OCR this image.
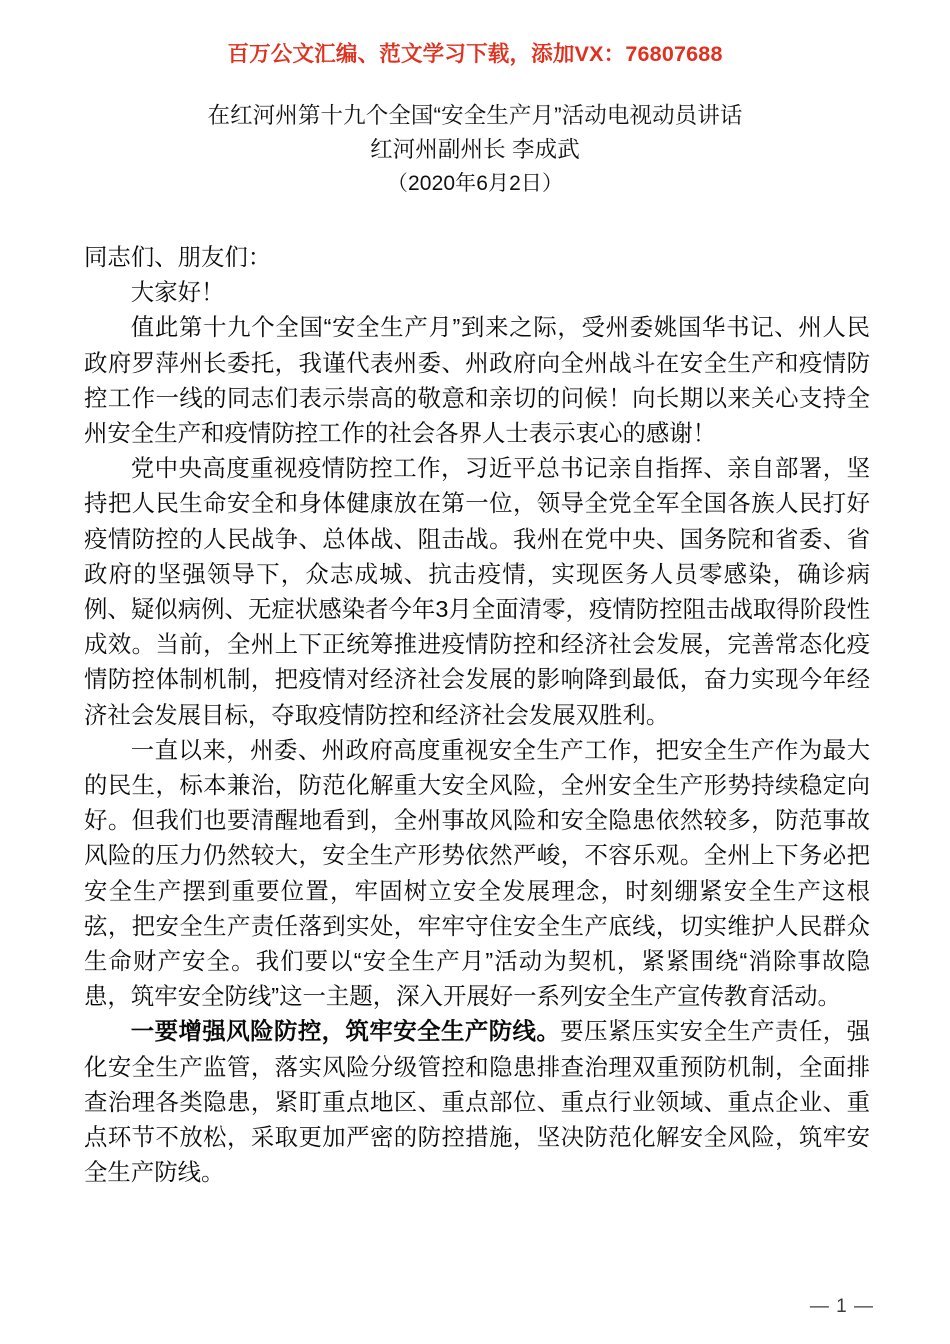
百万公文汇编、范文学习下载，添加VX：76807688
在红河州第十九个全国“安全生产月”活动电视动员讲话
红河州副州长 李成武
（2020年6月2日）

同志们、朋友们：

大家好！

值此第十九个全国“安全生产月”到来之际，受州委姚国华书记、州人民政府罗萍州长委托，我谨代表州委、州政府向全州战斗在安全生产和疫情防控工作一线的同志们表示崇高的敬意和亲切的问候！向长期以来关心支持全州安全生产和疫情防控工作的社会各界人士表示衷心的感谢！

党中央高度重视疫情防控工作，习近平总书记亲自指挥、亲自部署，坚持把人民生命安全和身体健康放在第一位，领导全党全军全国各族人民打好疫情防控的人民战争、总体战、阻击战。我州在党中央、国务院和省委、省政府的坚强领导下，众志成城、抗击疫情，实现医务人员零感染，确诊病例、疑似病例、无症状感染者今年3月全面清零，疫情防控阻击战取得阶段性成效。当前，全州上下正统筹推进疫情防控和经济社会发展，完善常态化疫情防控体制机制，把疫情对经济社会发展的影响降到最低，奋力实现今年经济社会发展目标，夺取疫情防控和经济社会发展双胜利。

一直以来，州委、州政府高度重视安全生产工作，把安全生产作为最大的民生，标本兼治，防范化解重大安全风险，全州安全生产形势持续稳定向好。但我们也要清醒地看到，全州事故风险和安全隐患依然较多，防范事故风险的压力仍然较大，安全生产形势依然严峻，不容乐观。全州上下务必把安全生产摆到重要位置，牢固树立安全发展理念，时刻绷紧安全生产这根弦，把安全生产责任落到实处，牢牢守住安全生产底线，切实维护人民群众生命财产安全。我们要以“安全生产月”活动为契机，紧紧围绕“消除事故隐患，筑牢安全防线”这一主题，深入开展好一系列安全生产宣传教育活动。

一要增强风险防控，筑牢安全生产防线。要压紧压实安全生产责任，强化安全生产监管，落实风险分级管控和隐患排查治理双重预防机制，全面排查治理各类隐患，紧盯重点地区、重点部位、重点行业领域、重点企业、重点环节不放松，采取更加严密的防控措施，坚决防范化解安全风险，筑牢安全生产防线。

— 1 —
